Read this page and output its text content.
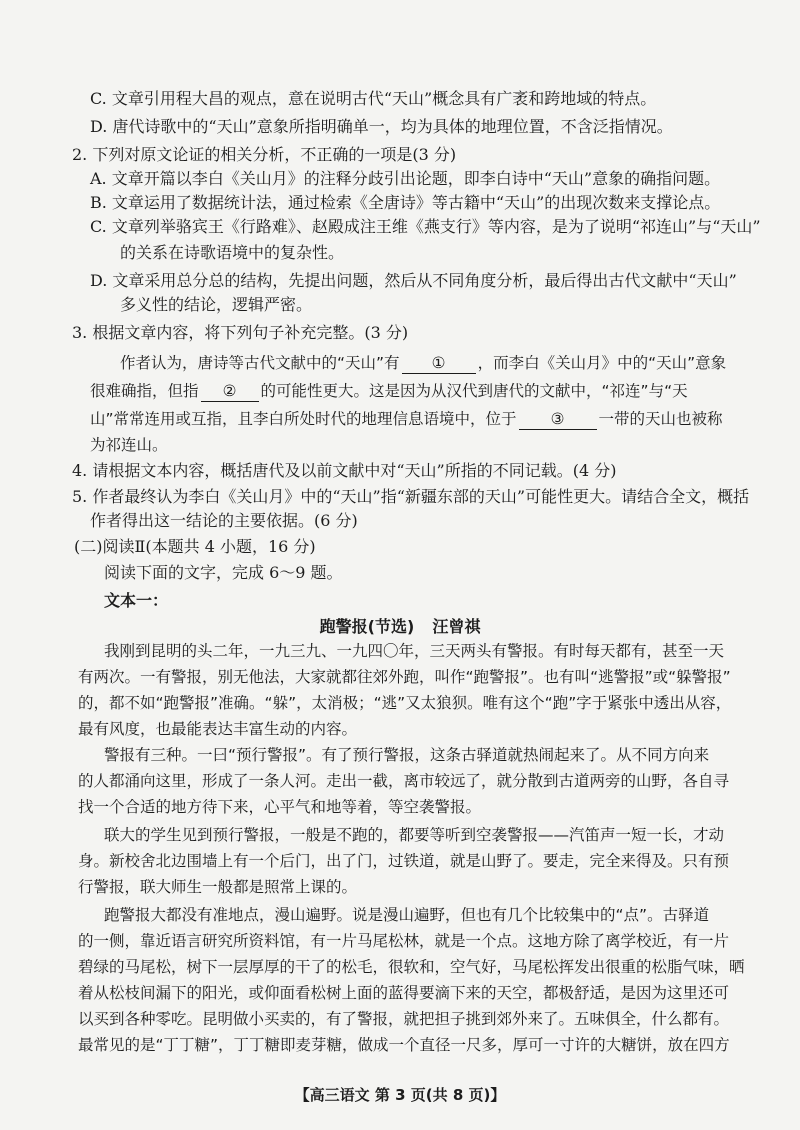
C. 文章引用程大昌的观点，意在说明古代“天山”概念具有广袤和跨地域的特点。
D. 唐代诗歌中的“天山”意象所指明确单一，均为具体的地理位置，不含泛指情况。
2. 下列对原文论证的相关分析，不正确的一项是(3 分)
A. 文章开篇以李白《关山月》的注释分歧引出论题，即李白诗中“天山”意象的确指问题。
B. 文章运用了数据统计法，通过检索《全唐诗》等古籍中“天山”的出现次数来支撑论点。
C. 文章列举骆宾王《行路难》、赵殿成注王维《燕支行》等内容，是为了说明“祁连山”与“天山”
的关系在诗歌语境中的复杂性。
D. 文章采用总分总的结构，先提出问题，然后从不同角度分析，最后得出古代文献中“天山”
多义性的结论，逻辑严密。
3. 根据文章内容，将下列句子补充完整。(3 分)
作者认为，唐诗等古代文献中的“天山”有 ① ，而李白《关山月》中的“天山”意象
很难确指，但指 ② 的可能性更大。这是因为从汉代到唐代的文献中，“祁连”与“天
山”常常连用或互指，且李白所处时代的地理信息语境中，位于 ③ 一带的天山也被称
为祁连山。
4. 请根据文本内容，概括唐代及以前文献中对“天山”所指的不同记载。(4 分)
5. 作者最终认为李白《关山月》中的“天山”指“新疆东部的天山”可能性更大。请结合全文，概括
作者得出这一结论的主要依据。(6 分)
(二)阅读Ⅱ(本题共 4 小题，16 分)
阅读下面的文字，完成 6～9 题。
文本一：
跑警报(节选) 汪曾祺
我刚到昆明的头二年，一九三九、一九四〇年，三天两头有警报。有时每天都有，甚至一天
有两次。一有警报，别无他法，大家就都往郊外跑，叫作“跑警报”。也有叫“逃警报”或“躲警报”
的，都不如“跑警报”准确。“躲”，太消极；“逃”又太狼狈。唯有这个“跑”字于紧张中透出从容，
最有风度，也最能表达丰富生动的内容。
警报有三种。一曰“预行警报”。有了预行警报，这条古驿道就热闹起来了。从不同方向来
的人都涌向这里，形成了一条人河。走出一截，离市较远了，就分散到古道两旁的山野，各自寻
找一个合适的地方待下来，心平气和地等着，等空袭警报。
联大的学生见到预行警报，一般是不跑的，都要等听到空袭警报——汽笛声一短一长，才动
身。新校舍北边围墙上有一个后门，出了门，过铁道，就是山野了。要走，完全来得及。只有预
行警报，联大师生一般都是照常上课的。
跑警报大都没有准地点，漫山遍野。说是漫山遍野，但也有几个比较集中的“点”。古驿道
的一侧，靠近语言研究所资料馆，有一片马尾松林，就是一个点。这地方除了离学校近，有一片
碧绿的马尾松，树下一层厚厚的干了的松毛，很软和，空气好，马尾松挥发出很重的松脂气味，晒
着从松枝间漏下的阳光，或仰面看松树上面的蓝得要滴下来的天空，都极舒适，是因为这里还可
以买到各种零吃。昆明做小买卖的，有了警报，就把担子挑到郊外来了。五味俱全，什么都有。
最常见的是“丁丁糖”，丁丁糖即麦芽糖，做成一个直径一尺多，厚可一寸许的大糖饼，放在四方
【高三语文 第 3 页(共 8 页)】
